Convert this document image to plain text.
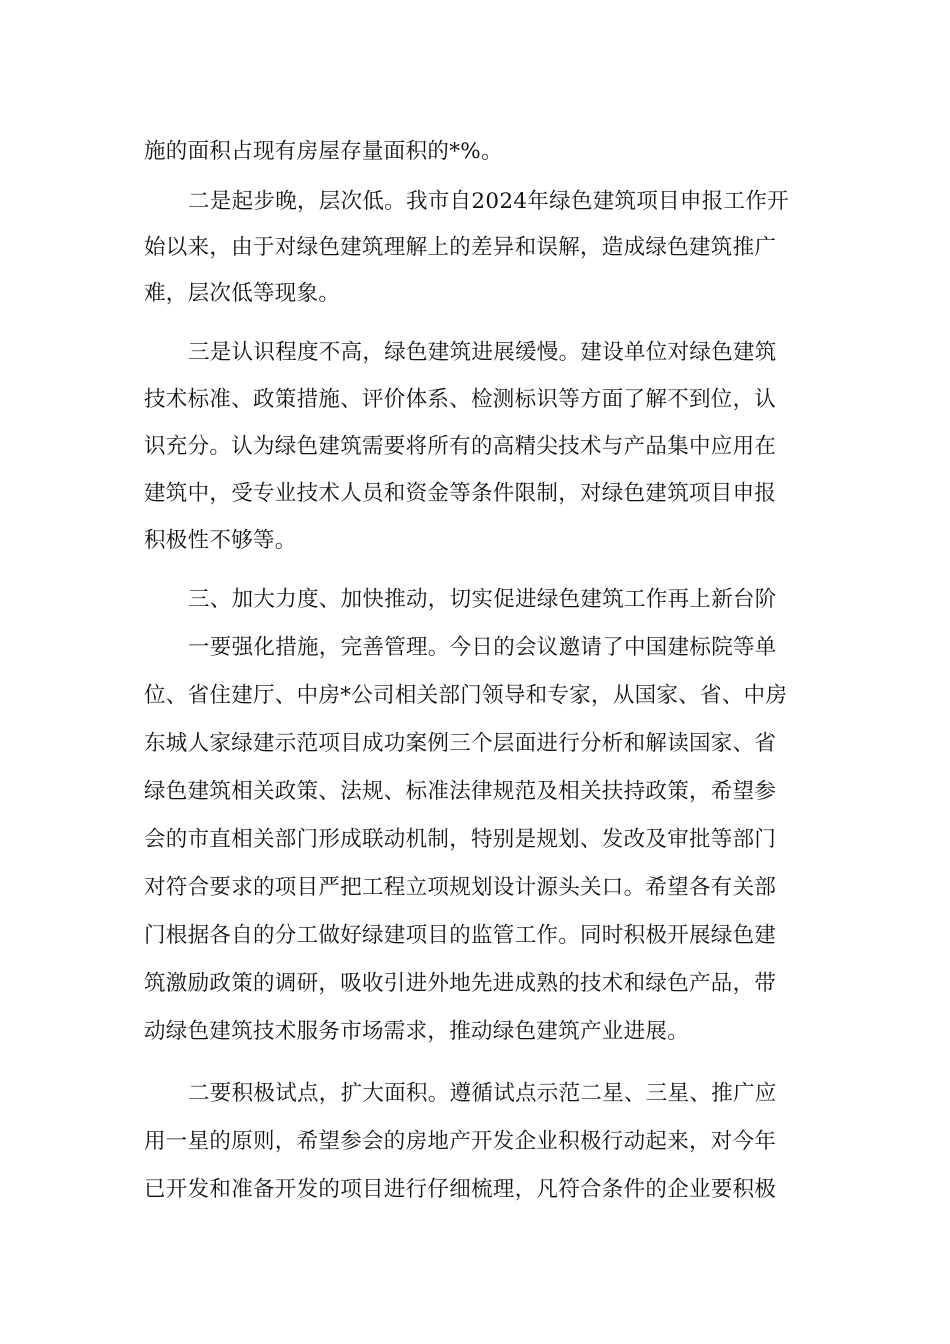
施的面积占现有房屋存量面积的*%。
二是起步晚，层次低。我市自2024年绿色建筑项目申报工作开
始以来，由于对绿色建筑理解上的差异和误解，造成绿色建筑推广
难，层次低等现象。
三是认识程度不高，绿色建筑进展缓慢。建设单位对绿色建筑
技术标准、政策措施、评价体系、检测标识等方面了解不到位，认
识充分。认为绿色建筑需要将所有的高精尖技术与产品集中应用在
建筑中，受专业技术人员和资金等条件限制，对绿色建筑项目申报
积极性不够等。
三、加大力度、加快推动，切实促进绿色建筑工作再上新台阶
一要强化措施，完善管理。今日的会议邀请了中国建标院等单
位、省住建厅、中房*公司相关部门领导和专家，从国家、省、中房
东城人家绿建示范项目成功案例三个层面进行分析和解读国家、省
绿色建筑相关政策、法规、标准法律规范及相关扶持政策，希望参
会的市直相关部门形成联动机制，特别是规划、发改及审批等部门
对符合要求的项目严把工程立项规划设计源头关口。希望各有关部
门根据各自的分工做好绿建项目的监管工作。同时积极开展绿色建
筑激励政策的调研，吸收引进外地先进成熟的技术和绿色产品，带
动绿色建筑技术服务市场需求，推动绿色建筑产业进展。
二要积极试点，扩大面积。遵循试点示范二星、三星、推广应
用一星的原则，希望参会的房地产开发企业积极行动起来，对今年
已开发和准备开发的项目进行仔细梳理，凡符合条件的企业要积极
